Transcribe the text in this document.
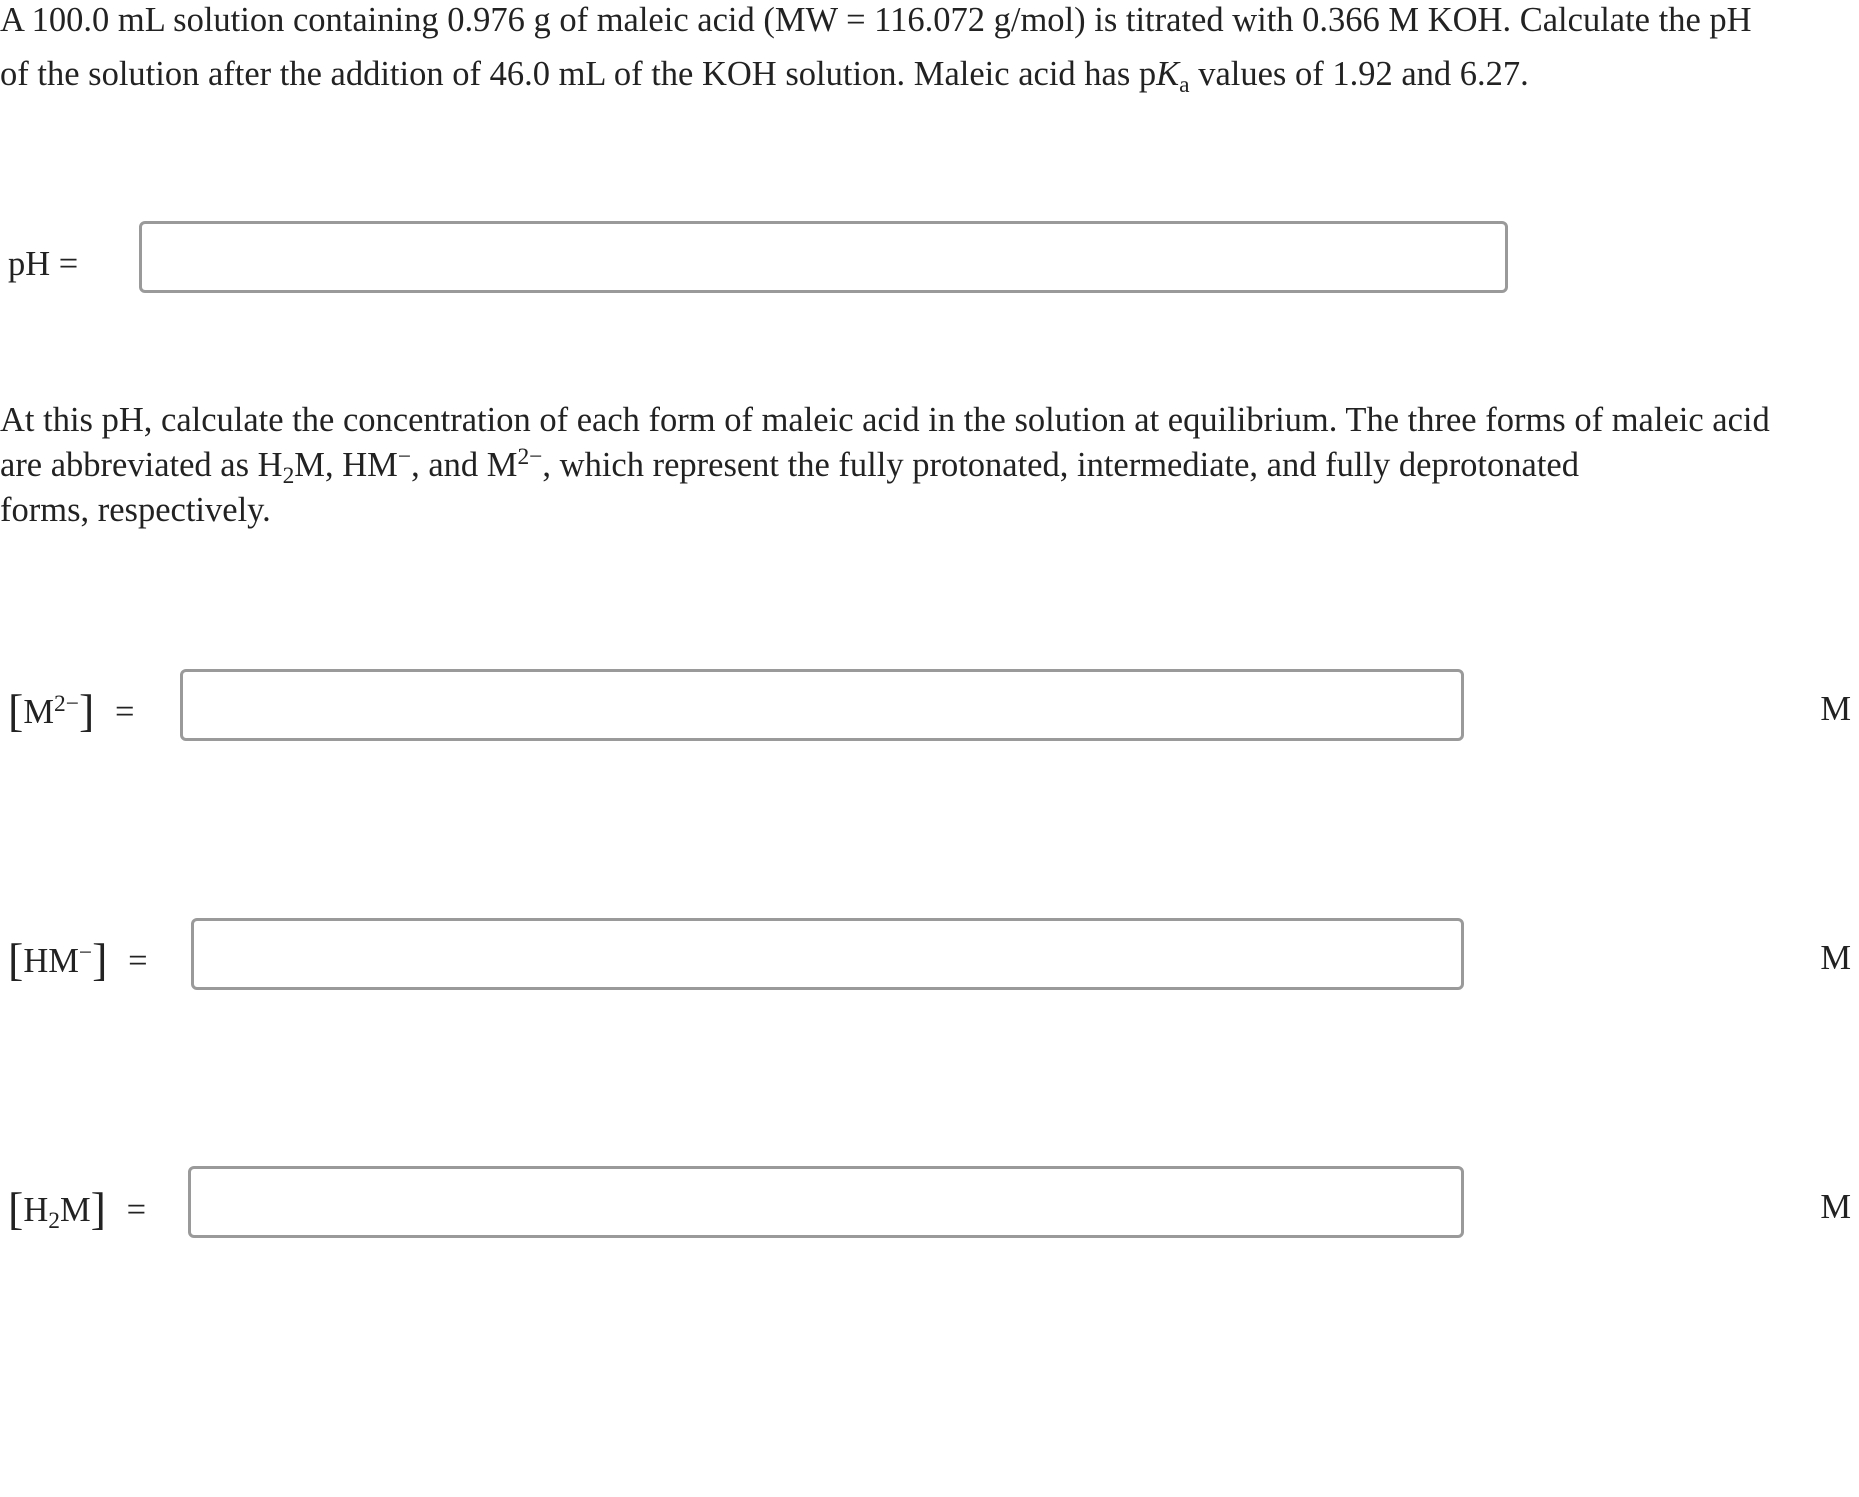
A 100.0 mL solution containing 0.976 g of maleic acid (MW = 116.072 g/mol) is titrated with 0.366 M KOH. Calculate the pH
of the solution after the addition of 46.0 mL of the KOH solution. Maleic acid has $pK_a$ values of 1.92 and 6.27.

pH =

At this pH, calculate the concentration of each form of maleic acid in the solution at equilibrium. The three forms of maleic acid
are abbreviated as $H_2M$, HM−, and $M^{2-}$, which represent the fully protonated, intermediate, and fully deprotonated
forms, respectively.

$[M^{2-}]$ =	M
[HM−] =	M
$[H_2M]$ =	M
